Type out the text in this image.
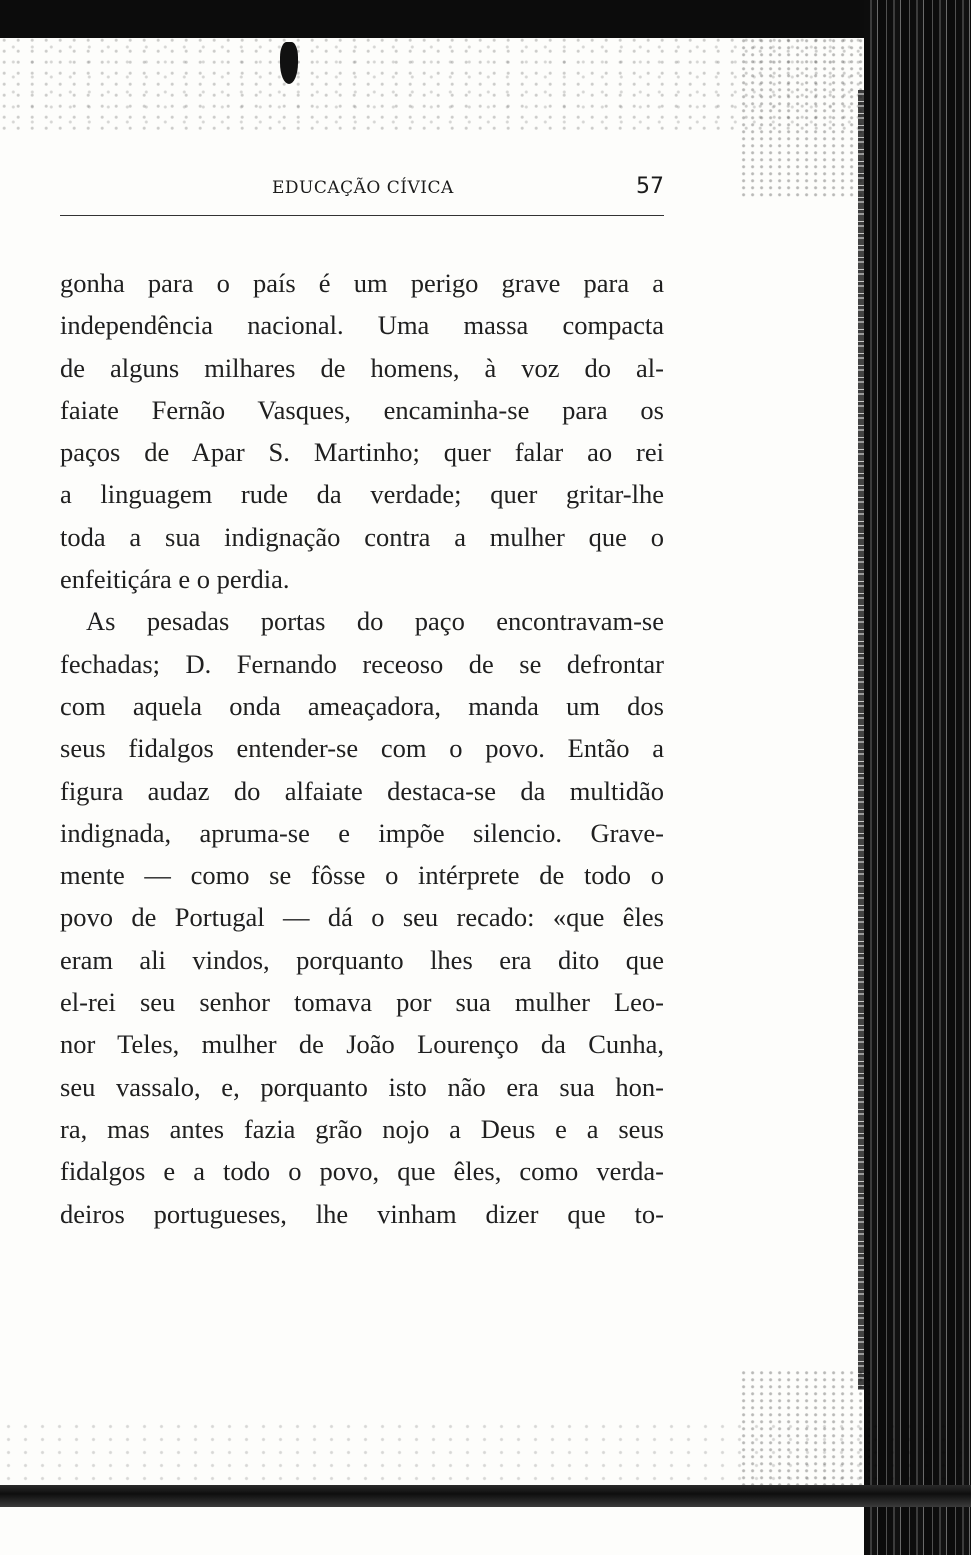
EDUCAÇÃO CÍVICA	57
gonha para o país é um perigo grave para a
independência nacional. Uma massa compacta
de alguns milhares de homens, à voz do al-
faiate Fernão Vasques, encaminha-se para os
paços de Apar S. Martinho; quer falar ao rei
a linguagem rude da verdade; quer gritar-lhe
toda a sua indignação contra a mulher que o
enfeitiçára e o perdia.
As pesadas portas do paço encontravam-se
fechadas; D. Fernando receoso de se defrontar
com aquela onda ameaçadora, manda um dos
seus fidalgos entender-se com o povo. Então a
figura audaz do alfaiate destaca-se da multidão
indignada, apruma-se e impõe silencio. Grave-
mente — como se fôsse o intérprete de todo o
povo de Portugal — dá o seu recado: «que êles
eram ali vindos, porquanto lhes era dito que
el-rei seu senhor tomava por sua mulher Leo-
nor Teles, mulher de João Lourenço da Cunha,
seu vassalo, e, porquanto isto não era sua hon-
ra, mas antes fazia grão nojo a Deus e a seus
fidalgos e a todo o povo, que êles, como verda-
deiros portugueses, lhe vinham dizer que to-
